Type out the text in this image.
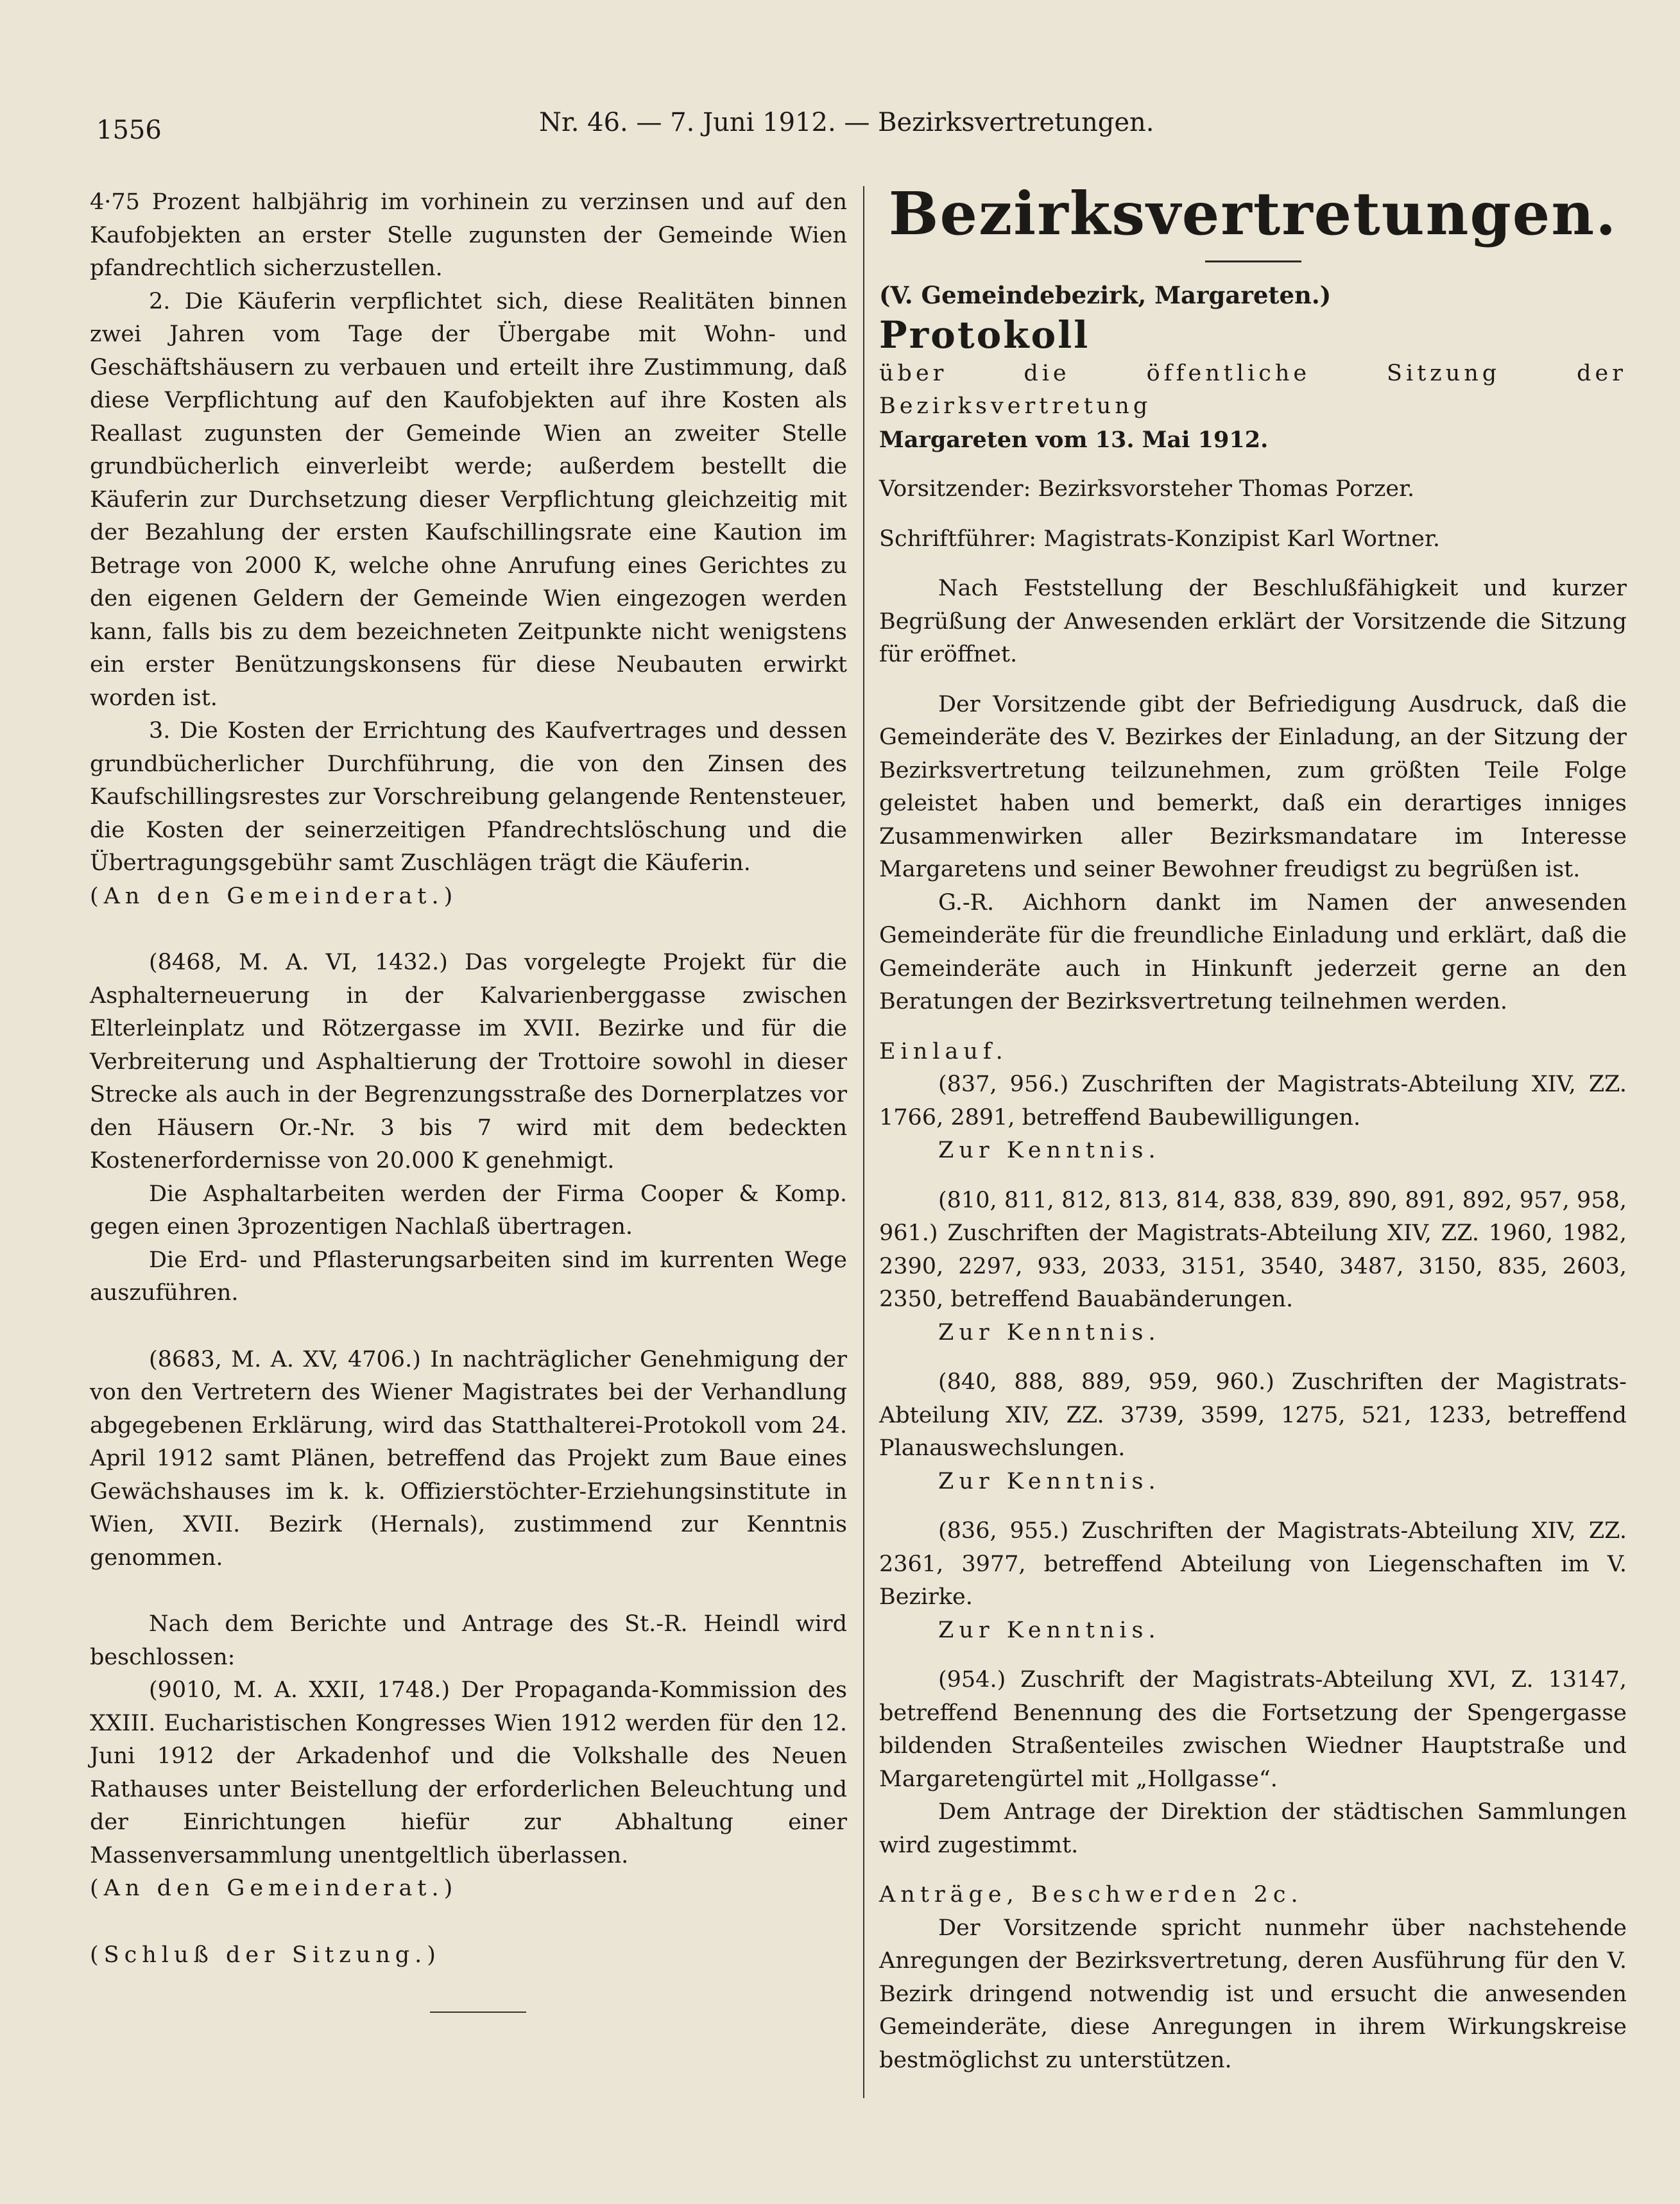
1556	Nr. 46. — 7. Juni 1912. — Bezirksvertretungen.

4·75 Prozent halbjährig im vorhinein zu verzinsen und auf den Kaufobjekten an erster Stelle zugunsten der Gemeinde Wien pfandrechtlich sicherzustellen.

2. Die Käuferin verpflichtet sich, diese Realitäten binnen zwei Jahren vom Tage der Übergabe mit Wohn- und Geschäftshäusern zu verbauen und erteilt ihre Zustimmung, daß diese Verpflichtung auf den Kaufobjekten auf ihre Kosten als Reallast zugunsten der Gemeinde Wien an zweiter Stelle grundbücherlich einverleibt werde; außerdem bestellt die Käuferin zur Durchsetzung dieser Verpflichtung gleichzeitig mit der Bezahlung der ersten Kaufschillingsrate eine Kaution im Betrage von 2000 K, welche ohne Anrufung eines Gerichtes zu den eigenen Geldern der Gemeinde Wien eingezogen werden kann, falls bis zu dem bezeichneten Zeitpunkte nicht wenigstens ein erster Benützungskonsens für diese Neubauten erwirkt worden ist.

3. Die Kosten der Errichtung des Kaufvertrages und dessen grundbücherlicher Durchführung, die von den Zinsen des Kaufschillingsrestes zur Vorschreibung gelangende Rentensteuer, die Kosten der seinerzeitigen Pfandrechtslöschung und die Übertragungsgebühr samt Zuschlägen trägt die Käuferin.

(An den Gemeinderat.)

(8468, M. A. VI, 1432.) Das vorgelegte Projekt für die Asphalterneuerung in der Kalvarienberggasse zwischen Elterleinplatz und Rötzergasse im XVII. Bezirke und für die Verbreiterung und Asphaltierung der Trottoire sowohl in dieser Strecke als auch in der Begrenzungsstraße des Dornerplatzes vor den Häusern Or.-Nr. 3 bis 7 wird mit dem bedeckten Kostenerfordernisse von 20.000 K genehmigt.

Die Asphaltarbeiten werden der Firma Cooper & Komp. gegen einen 3prozentigen Nachlaß übertragen.

Die Erd- und Pflasterungsarbeiten sind im kurrenten Wege auszuführen.

(8683, M. A. XV, 4706.) In nachträglicher Genehmigung der von den Vertretern des Wiener Magistrates bei der Verhandlung abgegebenen Erklärung, wird das Statthalterei-Protokoll vom 24. April 1912 samt Plänen, betreffend das Projekt zum Baue eines Gewächshauses im k. k. Offizierstöchter-Erziehungsinstitute in Wien, XVII. Bezirk (Hernals), zustimmend zur Kenntnis genommen.

Nach dem Berichte und Antrage des St.-R. Heindl wird beschlossen:

(9010, M. A. XXII, 1748.) Der Propaganda-Kommission des XXIII. Eucharistischen Kongresses Wien 1912 werden für den 12. Juni 1912 der Arkadenhof und die Volkshalle des Neuen Rathauses unter Beistellung der erforderlichen Beleuchtung und der Einrichtungen hiefür zur Abhaltung einer Massenversammlung unentgeltlich überlassen.

(An den Gemeinderat.)

(Schluß der Sitzung.)

Bezirksvertretungen.

(V. Gemeindebezirk, Margareten.)

Protokoll

über die öffentliche Sitzung der Bezirksvertretung

Margareten vom 13. Mai 1912.

Vorsitzender: Bezirksvorsteher Thomas Porzer.

Schriftführer: Magistrats-Konzipist Karl Wortner.

Nach Feststellung der Beschlußfähigkeit und kurzer Begrüßung der Anwesenden erklärt der Vorsitzende die Sitzung für eröffnet.

Der Vorsitzende gibt der Befriedigung Ausdruck, daß die Gemeinderäte des V. Bezirkes der Einladung, an der Sitzung der Bezirksvertretung teilzunehmen, zum größten Teile Folge geleistet haben und bemerkt, daß ein derartiges inniges Zusammenwirken aller Bezirksmandatare im Interesse Margaretens und seiner Bewohner freudigst zu begrüßen ist.

G.-R. Aichhorn dankt im Namen der anwesenden Gemeinderäte für die freundliche Einladung und erklärt, daß die Gemeinderäte auch in Hinkunft jederzeit gerne an den Beratungen der Bezirksvertretung teilnehmen werden.

Einlauf.

(837, 956.) Zuschriften der Magistrats-Abteilung XIV, ZZ. 1766, 2891, betreffend Baubewilligungen.

Zur Kenntnis.

(810, 811, 812, 813, 814, 838, 839, 890, 891, 892, 957, 958, 961.) Zuschriften der Magistrats-Abteilung XIV, ZZ. 1960, 1982, 2390, 2297, 933, 2033, 3151, 3540, 3487, 3150, 835, 2603, 2350, betreffend Bauabänderungen.

Zur Kenntnis.

(840, 888, 889, 959, 960.) Zuschriften der Magistrats-Abteilung XIV, ZZ. 3739, 3599, 1275, 521, 1233, betreffend Planauswechslungen.

Zur Kenntnis.

(836, 955.) Zuschriften der Magistrats-Abteilung XIV, ZZ. 2361, 3977, betreffend Abteilung von Liegenschaften im V. Bezirke.

Zur Kenntnis.

(954.) Zuschrift der Magistrats-Abteilung XVI, Z. 13147, betreffend Benennung des die Fortsetzung der Spengergasse bildenden Straßenteiles zwischen Wiedner Hauptstraße und Margaretengürtel mit „Hollgasse“.

Dem Antrage der Direktion der städtischen Sammlungen wird zugestimmt.

Anträge, Beschwerden 2c.

Der Vorsitzende spricht nunmehr über nachstehende Anregungen der Bezirksvertretung, deren Ausführung für den V. Bezirk dringend notwendig ist und ersucht die anwesenden Gemeinderäte, diese Anregungen in ihrem Wirkungskreise bestmöglichst zu unterstützen.
